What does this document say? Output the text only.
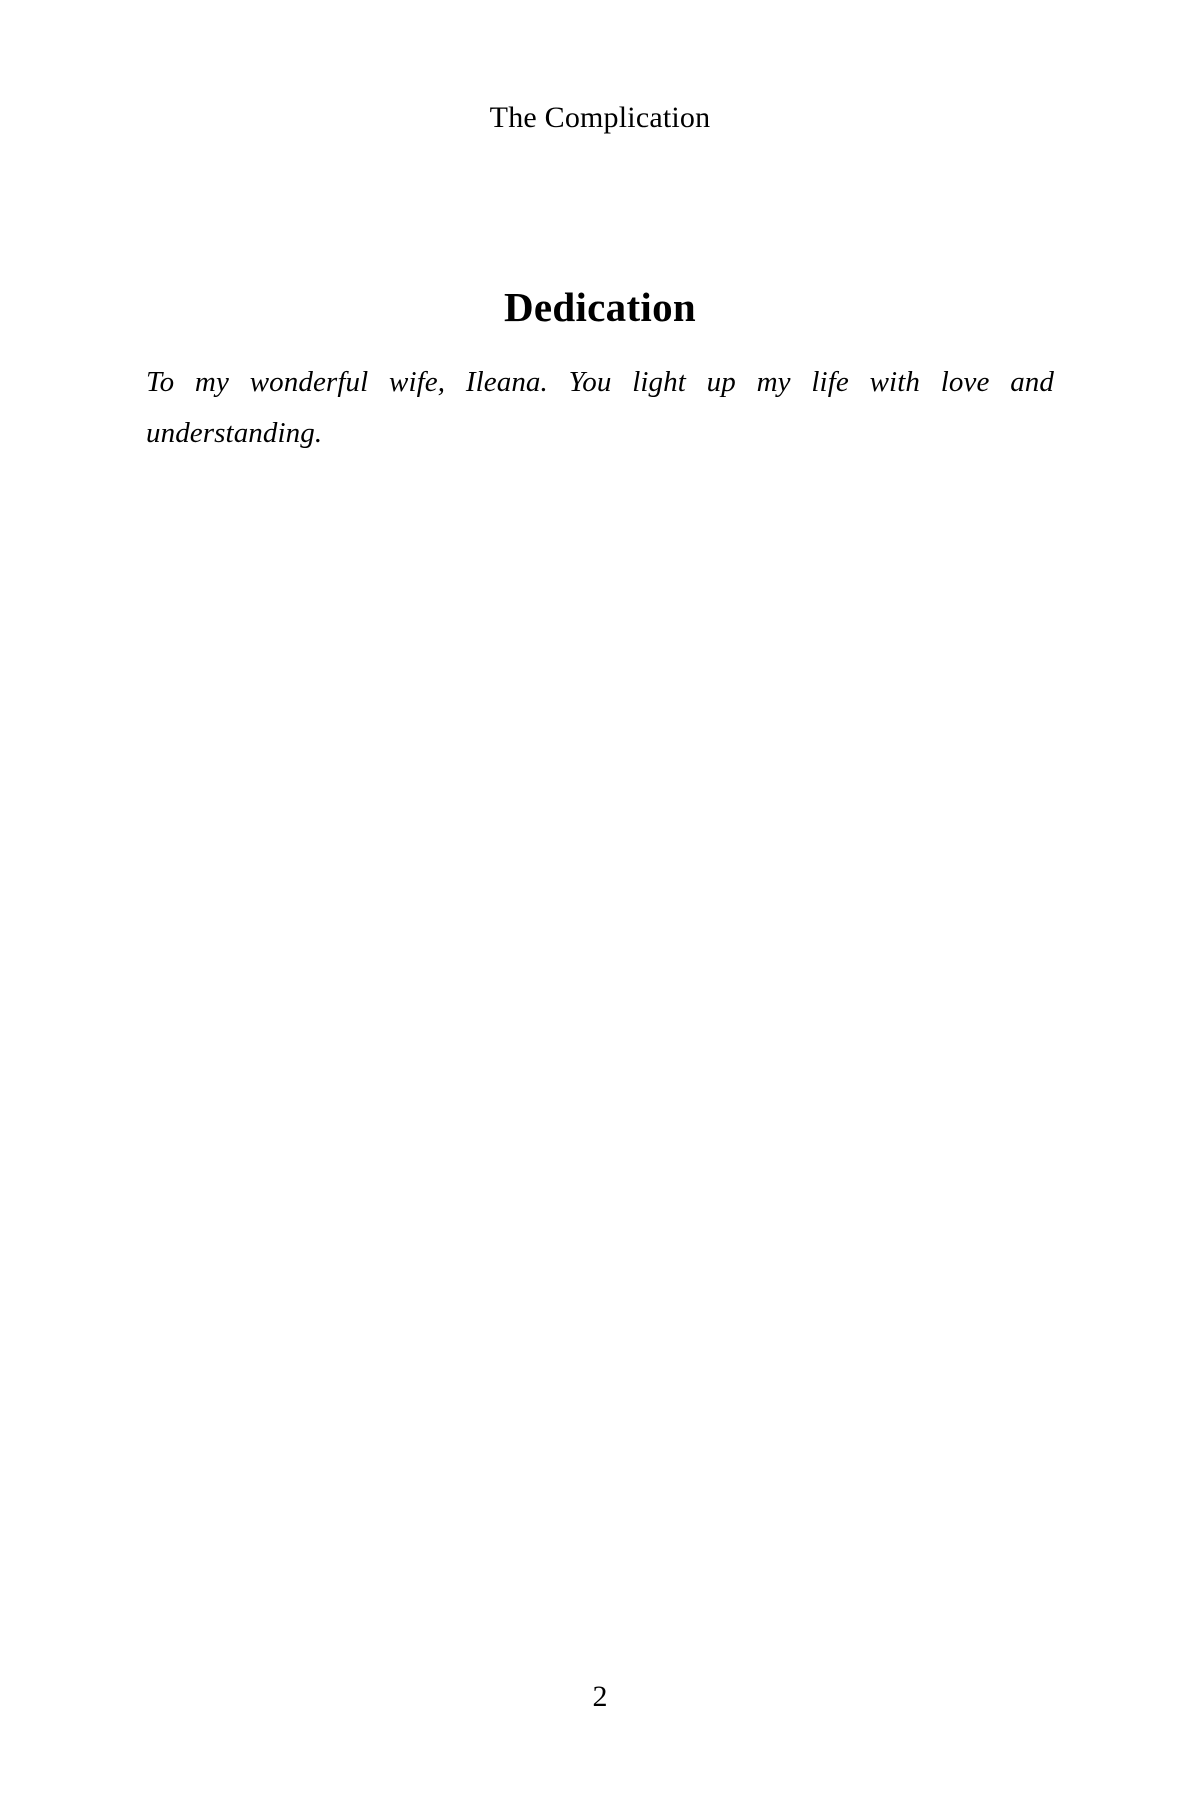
The Complication
Dedication

To my wonderful wife, Ileana. You light up my life with love and understanding.

2
